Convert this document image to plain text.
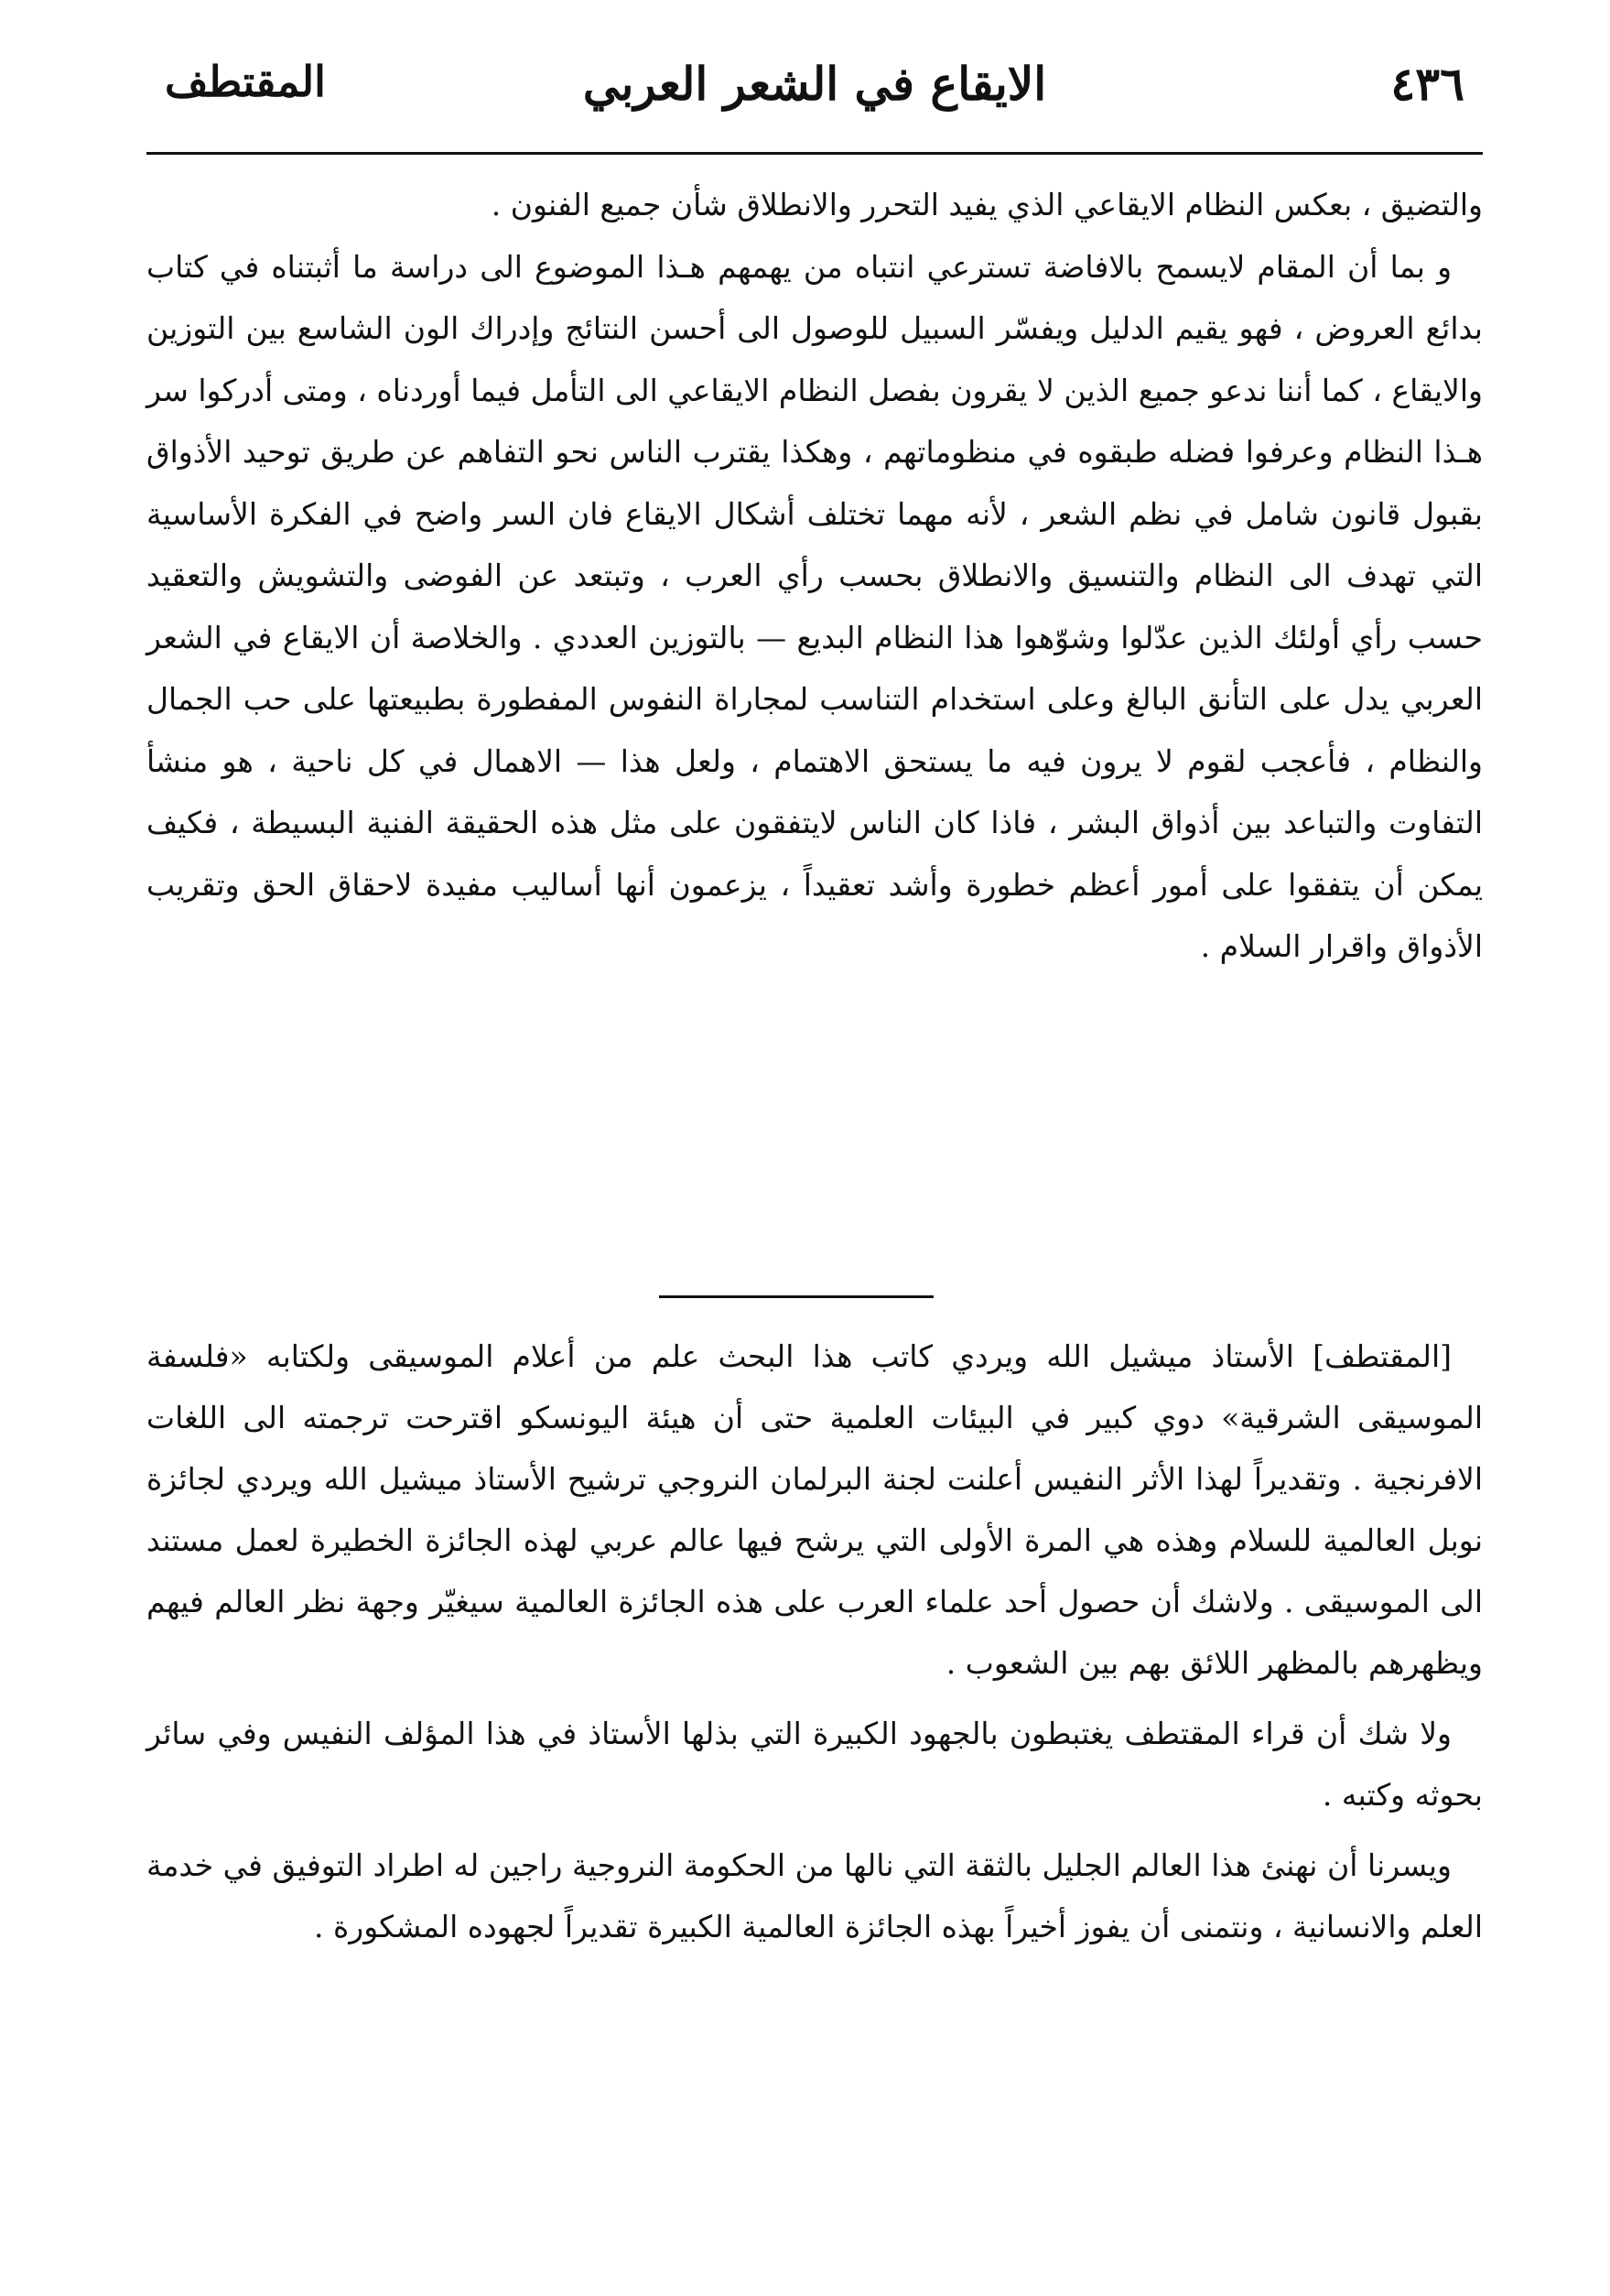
٤٣٦
الايقاع في الشعر العربي
المقتطف

والتضيق ، بعكس النظام الايقاعي الذي يفيد التحرر والانطلاق شأن جميع الفنون .

و بما أن المقام لايسمح بالافاضة تسترعي انتباه من يهمهم هـذا الموضوع الى دراسة ما أثبتناه في كتاب بدائع العروض ، فهو يقيم الدليل ويفسّر السبيل للوصول الى أحسن النتائج وإدراك الون الشاسع بين التوزين والايقاع ، كما أننا ندعو جميع الذين لا يقرون بفصل النظام الايقاعي الى التأمل فيما أوردناه ، ومتى أدركوا سر هـذا النظام وعرفوا فضله طبقوه في منظوماتهم ، وهكذا يقترب الناس نحو التفاهم عن طريق توحيد الأذواق بقبول قانون شامل في نظم الشعر ، لأنه مهما تختلف أشكال الايقاع فان السر واضح في الفكرة الأساسية التي تهدف الى النظام والتنسيق والانطلاق بحسب رأي العرب ، وتبتعد عن الفوضى والتشويش والتعقيد حسب رأي أولئك الذين عدّلوا وشوّهوا هذا النظام البديع — بالتوزين العددي . والخلاصة أن الايقاع في الشعر العربي يدل على التأنق البالغ وعلى استخدام التناسب لمجاراة النفوس المفطورة بطبيعتها على حب الجمال والنظام ، فأعجب لقوم لا يرون فيه ما يستحق الاهتمام ، ولعل هذا — الاهمال في كل ناحية ، هو منشأ التفاوت والتباعد بين أذواق البشر ، فاذا كان الناس لايتفقون على مثل هذه الحقيقة الفنية البسيطة ، فكيف يمكن أن يتفقوا على أمور أعظم خطورة وأشد تعقيداً ، يزعمون أنها أساليب مفيدة لاحقاق الحق وتقريب الأذواق واقرار السلام .

[المقتطف] الأستاذ ميشيل الله ويردي كاتب هذا البحث علم من أعلام الموسيقى ولكتابه «فلسفة الموسيقى الشرقية» دوي كبير في البيئات العلمية حتى أن هيئة اليونسكو اقترحت ترجمته الى اللغات الافرنجية . وتقديراً لهذا الأثر النفيس أعلنت لجنة البرلمان النروجي ترشيح الأستاذ ميشيل الله ويردي لجائزة نوبل العالمية للسلام وهذه هي المرة الأولى التي يرشح فيها عالم عربي لهذه الجائزة الخطيرة لعمل مستند الى الموسيقى . ولاشك أن حصول أحد علماء العرب على هذه الجائزة العالمية سيغيّر وجهة نظر العالم فيهم ويظهرهم بالمظهر اللائق بهم بين الشعوب .

ولا شك أن قراء المقتطف يغتبطون بالجهود الكبيرة التي بذلها الأستاذ في هذا المؤلف النفيس وفي سائر بحوثه وكتبه .

ويسرنا أن نهنئ هذا العالم الجليل بالثقة التي نالها من الحكومة النروجية راجين له اطراد التوفيق في خدمة العلم والانسانية ، ونتمنى أن يفوز أخيراً بهذه الجائزة العالمية الكبيرة تقديراً لجهوده المشكورة .
